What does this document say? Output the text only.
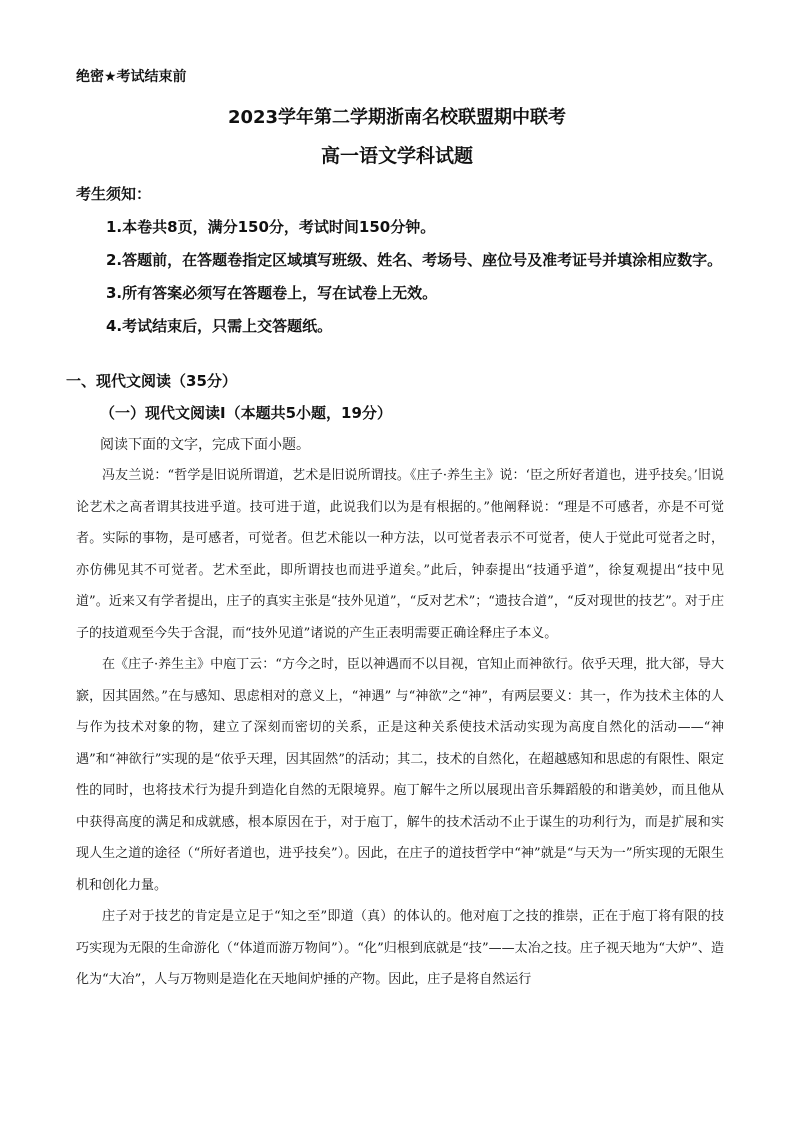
绝密★考试结束前
2023学年第二学期浙南名校联盟期中联考
高一语文学科试题
考生须知：
1.本卷共8页，满分150分，考试时间150分钟。
2.答题前，在答题卷指定区域填写班级、姓名、考场号、座位号及准考证号并填涂相应数字。
3.所有答案必须写在答题卷上，写在试卷上无效。
4.考试结束后，只需上交答题纸。
一、现代文阅读（35分）
（一）现代文阅读Ⅰ（本题共5小题，19分）
阅读下面的文字，完成下面小题。

冯友兰说：“哲学是旧说所谓道，艺术是旧说所谓技。《庄子·养生主》说：‘臣之所好者道也，进乎技矣。’旧说论艺术之高者谓其技进乎道。技可进于道，此说我们以为是有根据的。”他阐释说：“理是不可感者，亦是不可觉者。实际的事物，是可感者，可觉者。但艺术能以一种方法，以可觉者表示不可觉者，使人于觉此可觉者之时，亦仿佛见其不可觉者。艺术至此，即所谓技也而进乎道矣。”此后，钟泰提出“技通乎道”，徐复观提出“技中见道”。近来又有学者提出，庄子的真实主张是“技外见道”，“反对艺术”；“遗技合道”，“反对现世的技艺”。对于庄子的技道观至今失于含混，而“技外见道”诸说的产生正表明需要正确诠释庄子本义。

在《庄子·养生主》中庖丁云：“方今之时，臣以神遇而不以目视，官知止而神欲行。依乎天理，批大郤，导大窾，因其固然。”在与感知、思虑相对的意义上，“神遇” 与“神欲”之“神”，有两层要义：其一，作为技术主体的人与作为技术对象的物，建立了深刻而密切的关系，正是这种关系使技术活动实现为高度自然化的活动——“神遇”和“神欲行”实现的是“依乎天理，因其固然”的活动；其二，技术的自然化，在超越感知和思虑的有限性、限定性的同时，也将技术行为提升到造化自然的无限境界。庖丁解牛之所以展现出音乐舞蹈般的和谐美妙，而且他从中获得高度的满足和成就感，根本原因在于，对于庖丁，解牛的技术活动不止于谋生的功利行为，而是扩展和实现人生之道的途径（“所好者道也，进乎技矣”）。因此，在庄子的道技哲学中“神”就是“与天为一”所实现的无限生机和创化力量。

庄子对于技艺的肯定是立足于“知之至”即道（真）的体认的。他对庖丁之技的推崇，正在于庖丁将有限的技巧实现为无限的生命游化（“体道而游万物间”）。“化”归根到底就是“技”——太冶之技。庄子视天地为“大炉”、造化为“大冶”，人与万物则是造化在天地间炉捶的产物。因此，庄子是将自然运行
